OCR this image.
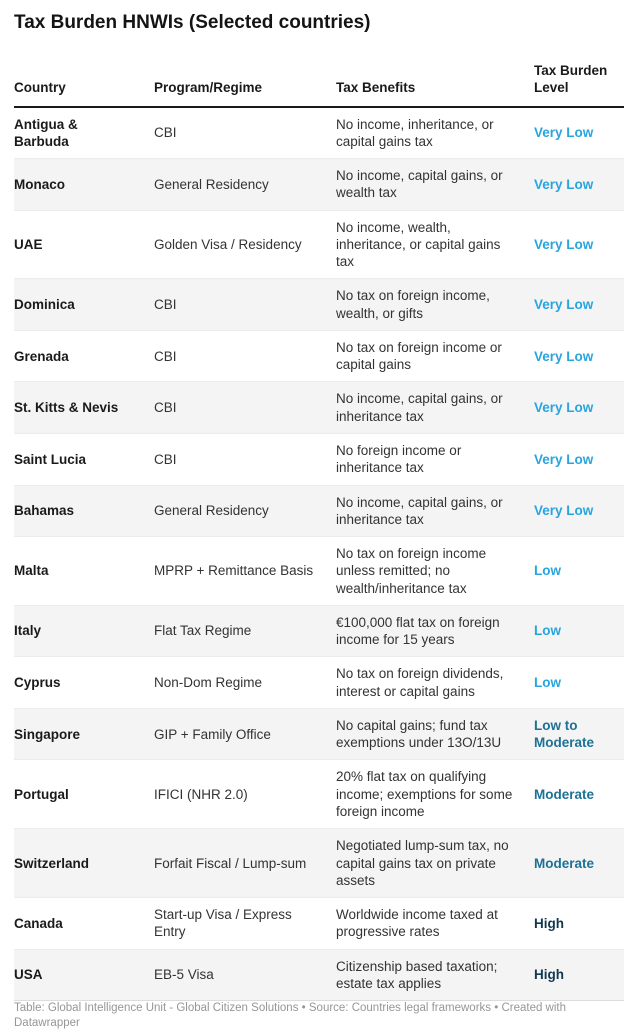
Tax Burden HNWIs (Selected countries)
Country	Program/Regime	Tax Benefits	Tax Burden Level
Antigua & Barbuda	CBI	No income, inheritance, or capital gains tax	Very Low
Monaco	General Residency	No income, capital gains, or wealth tax	Very Low
UAE	Golden Visa / Residency	No income, wealth, inheritance, or capital gains tax	Very Low
Dominica	CBI	No tax on foreign income, wealth, or gifts	Very Low
Grenada	CBI	No tax on foreign income or capital gains	Very Low
St. Kitts & Nevis	CBI	No income, capital gains, or inheritance tax	Very Low
Saint Lucia	CBI	No foreign income or inheritance tax	Very Low
Bahamas	General Residency	No income, capital gains, or inheritance tax	Very Low
Malta	MPRP + Remittance Basis	No tax on foreign income unless remitted; no wealth/inheritance tax	Low
Italy	Flat Tax Regime	€100,000 flat tax on foreign income for 15 years	Low
Cyprus	Non-Dom Regime	No tax on foreign dividends, interest or capital gains	Low
Singapore	GIP + Family Office	No capital gains; fund tax exemptions under 13O/13U	Low to Moderate
Portugal	IFICI (NHR 2.0)	20% flat tax on qualifying income; exemptions for some foreign income	Moderate
Switzerland	Forfait Fiscal / Lump-sum	Negotiated lump-sum tax, no capital gains tax on private assets	Moderate
Canada	Start-up Visa / Express Entry	Worldwide income taxed at progressive rates	High
USA	EB-5 Visa	Citizenship based taxation; estate tax applies	High
Table: Global Intelligence Unit - Global Citizen Solutions • Source: Countries legal frameworks • Created with Datawrapper
